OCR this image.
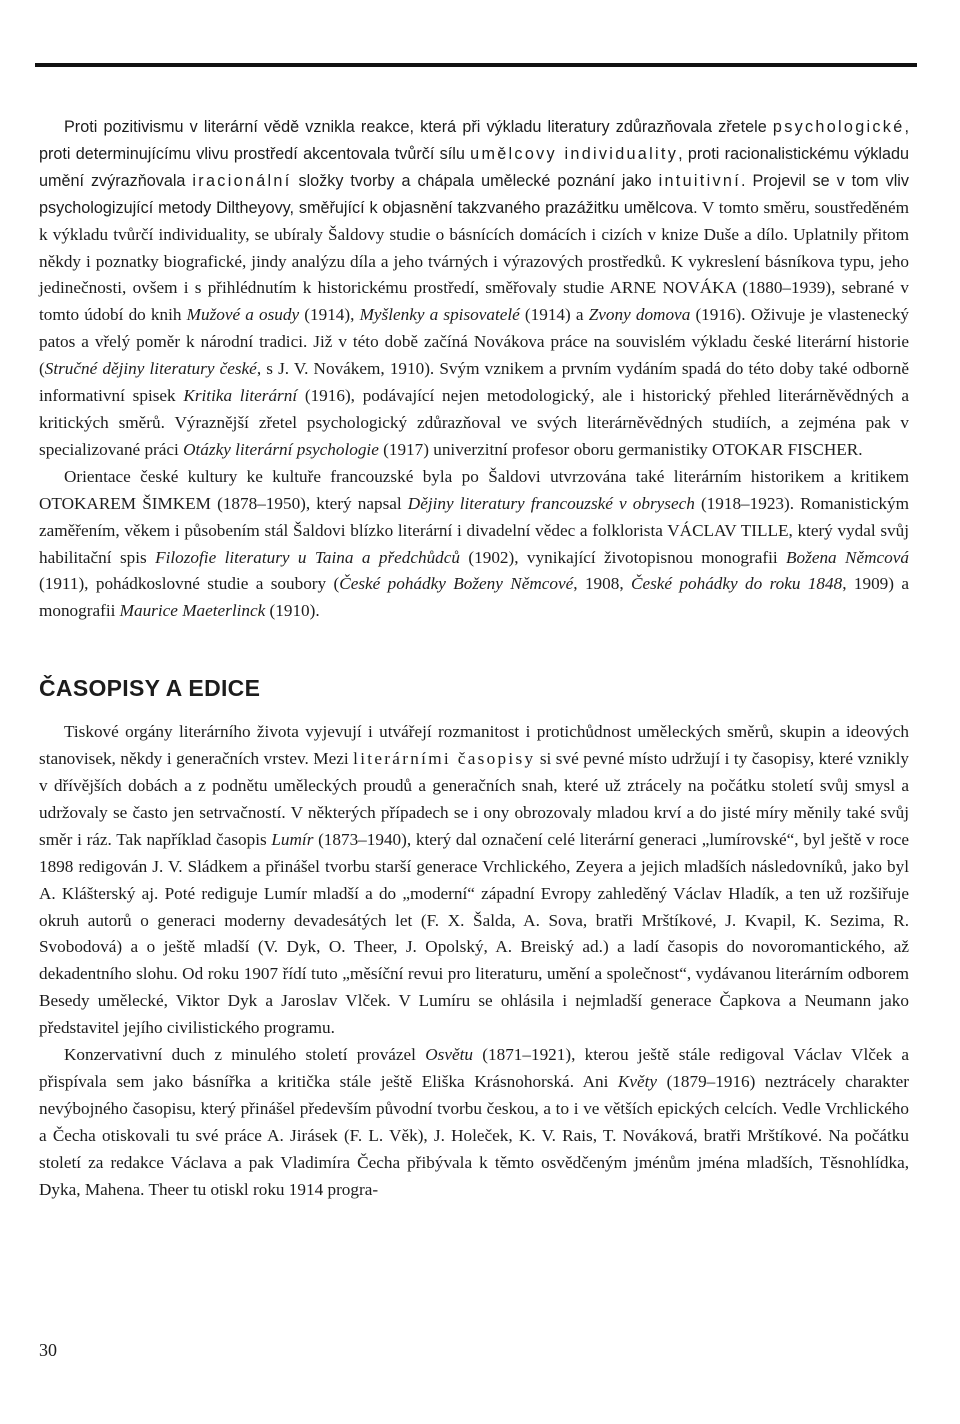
Proti pozitivismu v literární vědě vznikla reakce, která při výkladu literatury zdůrazňovala zřetele psychologické, proti determinujícímu vlivu prostředí akcentovala tvůrčí sílu umělcovy individuality, proti racionalistickému výkladu umění zvýrazňovala iracionální složky tvorby a chápala umělecké poznání jako intuitivní. Projevil se v tom vliv psychologizující metody Diltheyovy, směřující k objasnění takzvaného prazážitku umělcova. V tomto směru, soustředěném k výkladu tvůrčí individuality, se ubíraly Šaldovy studie o básnících domácích i cizích v knize Duše a dílo. Uplatnily přitom někdy i poznatky biografické, jindy analýzu díla a jeho tvárných i výrazových prostředků. K vykreslení básníkova typu, jeho jedinečnosti, ovšem i s přihlédnutím k historickému prostředí, směřovaly studie ARNE NOVÁKA (1880–1939), sebrané v tomto údobí do knih Mužové a osudy (1914), Myšlenky a spisovatelé (1914) a Zvony domova (1916). Oživuje je vlastenecký patos a vřelý poměr k národní tradici. Již v této době začíná Novákova práce na souvislém výkladu české literární historie (Stručné dějiny literatury české, s J. V. Novákem, 1910). Svým vznikem a prvním vydáním spadá do této doby také odborně informativní spisek Kritika literární (1916), podávající nejen metodologický, ale i historický přehled literárněvědných a kritických směrů. Výraznější zřetel psychologický zdůrazňoval ve svých literárněvědných studiích, a zejména pak v specializované práci Otázky literární psychologie (1917) univerzitní profesor oboru germanistiky OTOKAR FISCHER.

Orientace české kultury ke kultuře francouzské byla po Šaldovi utvrzována také literárním historikem a kritikem OTOKAREM ŠIMKEM (1878–1950), který napsal Dějiny literatury francouzské v obrysech (1918–1923). Romanistickým zaměřením, věkem i působením stál Šaldovi blízko literární i divadelní vědec a folklorista VÁCLAV TILLE, který vydal svůj habilitační spis Filozofie literatury u Taina a předchůdců (1902), vynikající životopisnou monografii Božena Němcová (1911), pohádkoslovné studie a soubory (České pohádky Boženy Němcové, 1908, České pohádky do roku 1848, 1909) a monografii Maurice Maeterlinck (1910).

ČASOPISY A EDICE

Tiskové orgány literárního života vyjevují i utvářejí rozmanitost i protichůdnost uměleckých směrů, skupin a ideových stanovisek, někdy i generačních vrstev. Mezi literárními časopisy si své pevné místo udržují i ty časopisy, které vznikly v dřívějších dobách a z podnětu uměleckých proudů a generačních snah, které už ztrácely na počátku století svůj smysl a udržovaly se často jen setrvačností. V některých případech se i ony obrozovaly mladou krví a do jisté míry měnily také svůj směr i ráz. Tak například časopis Lumír (1873–1940), který dal označení celé literární generaci „lumírovské“, byl ještě v roce 1898 redigován J. V. Sládkem a přinášel tvorbu starší generace Vrchlického, Zeyera a jejich mladších následovníků, jako byl A. Klášterský aj. Poté rediguje Lumír mladší a do „moderní“ západní Evropy zahleděný Václav Hladík, a ten už rozšiřuje okruh autorů o generaci moderny devadesátých let (F. X. Šalda, A. Sova, bratři Mrštíkové, J. Kvapil, K. Sezima, R. Svobodová) a o ještě mladší (V. Dyk, O. Theer, J. Opolský, A. Breiský ad.) a ladí časopis do novoromantického, až dekadentního slohu. Od roku 1907 řídí tuto „měsíční revui pro literaturu, umění a společnost“, vydávanou literárním odborem Besedy umělecké, Viktor Dyk a Jaroslav Vlček. V Lumíru se ohlásila i nejmladší generace Čapkova a Neumann jako představitel jejího civilistického programu.

Konzervativní duch z minulého století provázel Osvětu (1871–1921), kterou ještě stále redigoval Václav Vlček a přispívala sem jako básnířka a kritička stále ještě Eliška Krásnohorská. Ani Květy (1879–1916) neztrácely charakter nevýbojného časopisu, který přinášel především původní tvorbu českou, a to i ve větších epických celcích. Vedle Vrchlického a Čecha otiskovali tu své práce A. Jirásek (F. L. Věk), J. Holeček, K. V. Rais, T. Nováková, bratři Mrštíkové. Na počátku století za redakce Václava a pak Vladimíra Čecha přibývala k těmto osvědčeným jménům jména mladších, Těsnohlídka, Dyka, Mahena. Theer tu otiskl roku 1914 progra-

30
